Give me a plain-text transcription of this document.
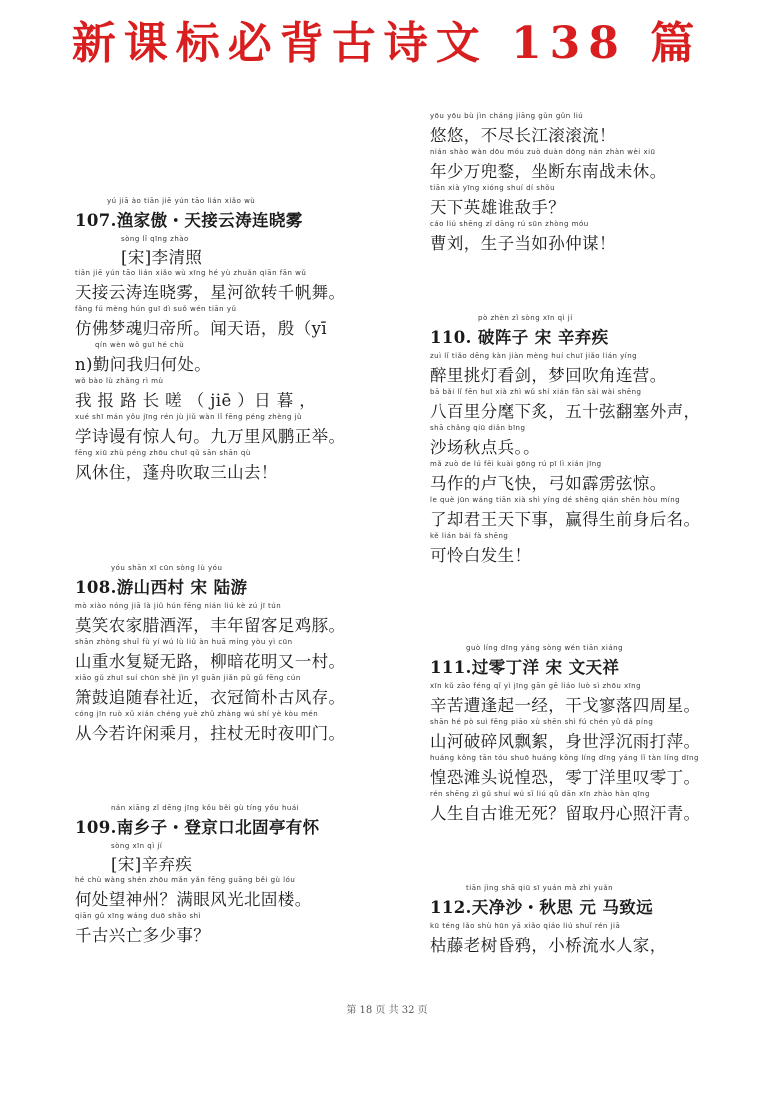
新课标必背古诗文 138 篇
yú jiā ào tiān jiē yún tāo lián xiǎo wù
107.渔家傲・天接云涛连晓雾
sòng lǐ qīng zhào
[宋]李清照
tiān jiē yún tāo lián xiǎo wù xīng hé yù zhuǎn qiān fān wǔ
天接云涛连晓雾，星河欲转千帆舞。
fǎng fú mèng hún guī dì suǒ wén tiān yǔ
仿佛梦魂归帝所。闻天语，殷（yī
qín wèn wǒ guī hé chù
n)勤问我归何处。
wǒ bào lù zhǎng rì mù
我 报 路 长 嗟 （ jiē ）日 暮 ，
xué shī mán yǒu jīng rén jù jiǔ wàn lǐ fēng péng zhèng jǔ
学诗谩有惊人句。九万里风鹏正举。
fēng xiū zhù péng zhōu chuī qǔ sān shān qù
风休住，蓬舟吹取三山去！
yóu shān xī cūn sòng lù yóu
108.游山西村 宋 陆游
mò xiào nóng jiā là jiǔ hún fēng nián liú kè zú jī tún
莫笑农家腊酒浑，丰年留客足鸡豚。
shān zhòng shuǐ fù yí wú lù liǔ àn huā míng yòu yì cūn
山重水复疑无路，柳暗花明又一村。
xiāo gǔ zhuī suí chūn shè jìn yī guān jiǎn pǔ gǔ fēng cún
箫鼓追随春社近，衣冠简朴古风存。
cóng jīn ruò xǔ xián chéng yuè zhǔ zhàng wú shí yè kòu mén
从今若许闲乘月，拄杖无时夜叩门。
nán xiāng zǐ dēng jīng kǒu běi gù tíng yǒu huái
109.南乡子・登京口北固亭有怀
sòng xīn qì jí
[宋]辛弃疾
hé chù wàng shén zhōu mǎn yǎn fēng guāng běi gù lóu
何处望神州？满眼风光北固楼。
qiān gǔ xīng wáng duō shǎo shì
千古兴亡多少事？
yōu yōu bù jìn cháng jiāng gǔn gǔn liú
悠悠，不尽长江滚滚流！
nián shào wàn dōu móu zuò duàn dōng nán zhàn wèi xiū
年少万兜鍪，坐断东南战未休。
tiān xià yīng xióng shuí dí shǒu
天下英雄谁敌手？
cáo liú shēng zǐ dāng rú sūn zhòng móu
曹刘，生子当如孙仲谋！
pò zhèn zǐ sòng xīn qì jí
110. 破阵子 宋 辛弃疾
zuì lǐ tiǎo dēng kàn jiàn mèng huí chuī jiǎo lián yíng
醉里挑灯看剑，梦回吹角连营。
bā bǎi lǐ fēn huī xià zhì wǔ shí xián fān sài wài shēng
八百里分麾下炙，五十弦翻塞外声，
shā chǎng qiū diǎn bīng
沙场秋点兵。。
mǎ zuò de lú fēi kuài gōng rú pī lì xián jīng
马作的卢飞快，弓如霹雳弦惊。
le què jūn wáng tiān xià shì yíng dé shēng qián shēn hòu míng
了却君王天下事，赢得生前身后名。
kě lián bái fà shēng
可怜白发生！
guò líng dīng yáng sòng wén tiān xiáng
111.过零丁洋 宋 文天祥
xīn kǔ zāo féng qǐ yì jīng gān gē liáo luò sì zhōu xīng
辛苦遭逢起一经，干戈寥落四周星。
shān hé pò suì fēng piāo xù shēn shì fú chén yǔ dǎ píng
山河破碎风飘絮，身世浮沉雨打萍。
huáng kǒng tān tóu shuō huáng kǒng líng dīng yáng lǐ tàn líng dīng
惶恐滩头说惶恐，零丁洋里叹零丁。
rén shēng zì gǔ shuí wú sǐ liú qǔ dān xīn zhào hàn qīng
人生自古谁无死？留取丹心照汗青。
tiān jìng shā qiū sī yuán mǎ zhì yuǎn
112.天净沙・秋思 元 马致远
kū téng lǎo shù hūn yā xiǎo qiáo liú shuǐ rén jiā
枯藤老树昏鸦，小桥流水人家，
第 18 页 共 32 页
